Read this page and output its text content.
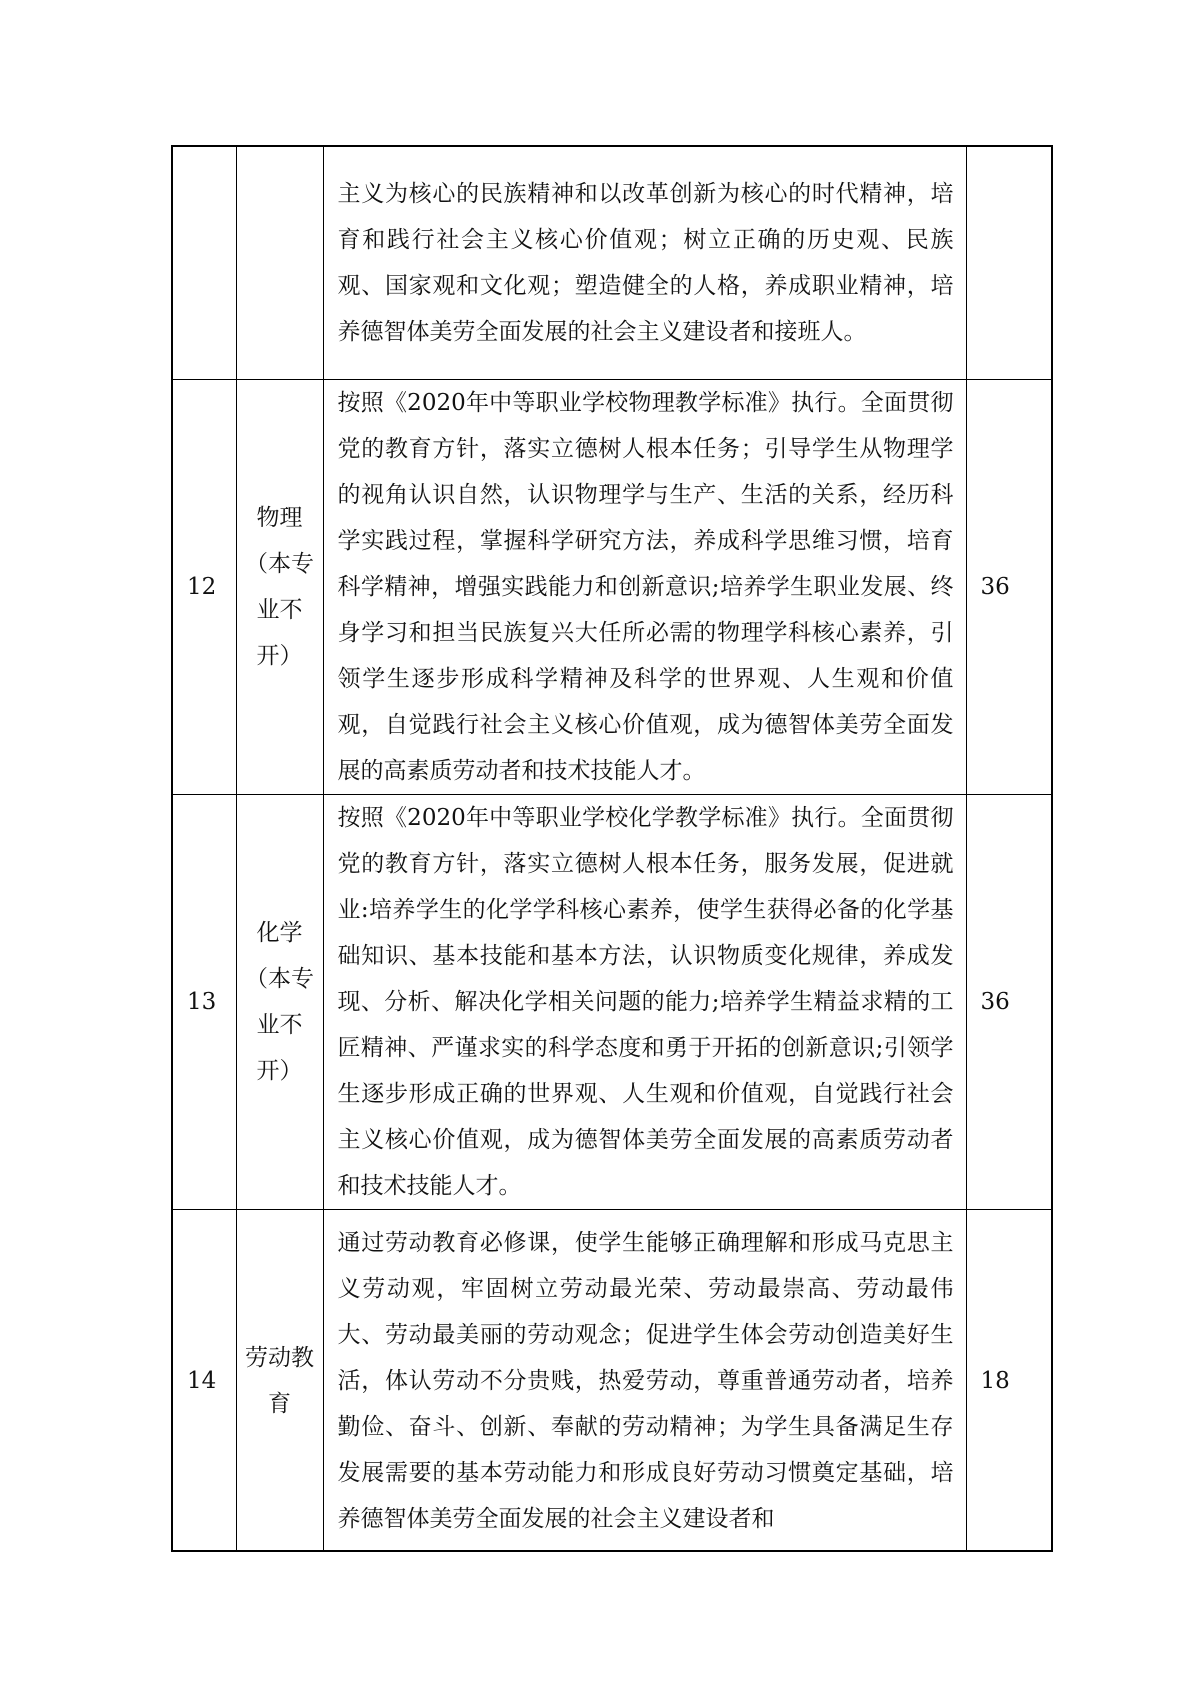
		主义为核心的民族精神和以改革创新为核心的时代精神，培育和践行社会主义核心价值观；树立正确的历史观、民族观、国家观和文化观；塑造健全的人格，养成职业精神，培养德智体美劳全面发展的社会主义建设者和接班人。	
12	物理（本专业不开）	按照《2020年中等职业学校物理教学标准》执行。全面贯彻党的教育方针，落实立德树人根本任务；引导学生从物理学的视角认识自然，认识物理学与生产、生活的关系，经历科学实践过程，掌握科学研究方法，养成科学思维习惯，培育科学精神，增强实践能力和创新意识;培养学生职业发展、终身学习和担当民族复兴大任所必需的物理学科核心素养，引领学生逐步形成科学精神及科学的世界观、人生观和价值观，自觉践行社会主义核心价值观，成为德智体美劳全面发展的高素质劳动者和技术技能人才。	36
13	化学（本专业不开）	按照《2020年中等职业学校化学教学标准》执行。全面贯彻党的教育方针，落实立德树人根本任务，服务发展，促进就业:培养学生的化学学科核心素养，使学生获得必备的化学基础知识、基本技能和基本方法，认识物质变化规律，养成发现、分析、解决化学相关问题的能力;培养学生精益求精的工匠精神、严谨求实的科学态度和勇于开拓的创新意识;引领学生逐步形成正确的世界观、人生观和价值观，自觉践行社会主义核心价值观，成为德智体美劳全面发展的高素质劳动者和技术技能人才。	36
14	劳动教育	通过劳动教育必修课，使学生能够正确理解和形成马克思主义劳动观，牢固树立劳动最光荣、劳动最崇高、劳动最伟大、劳动最美丽的劳动观念；促进学生体会劳动创造美好生活，体认劳动不分贵贱，热爱劳动，尊重普通劳动者，培养勤俭、奋斗、创新、奉献的劳动精神；为学生具备满足生存发展需要的基本劳动能力和形成良好劳动习惯奠定基础，培养德智体美劳全面发展的社会主义建设者和	18
